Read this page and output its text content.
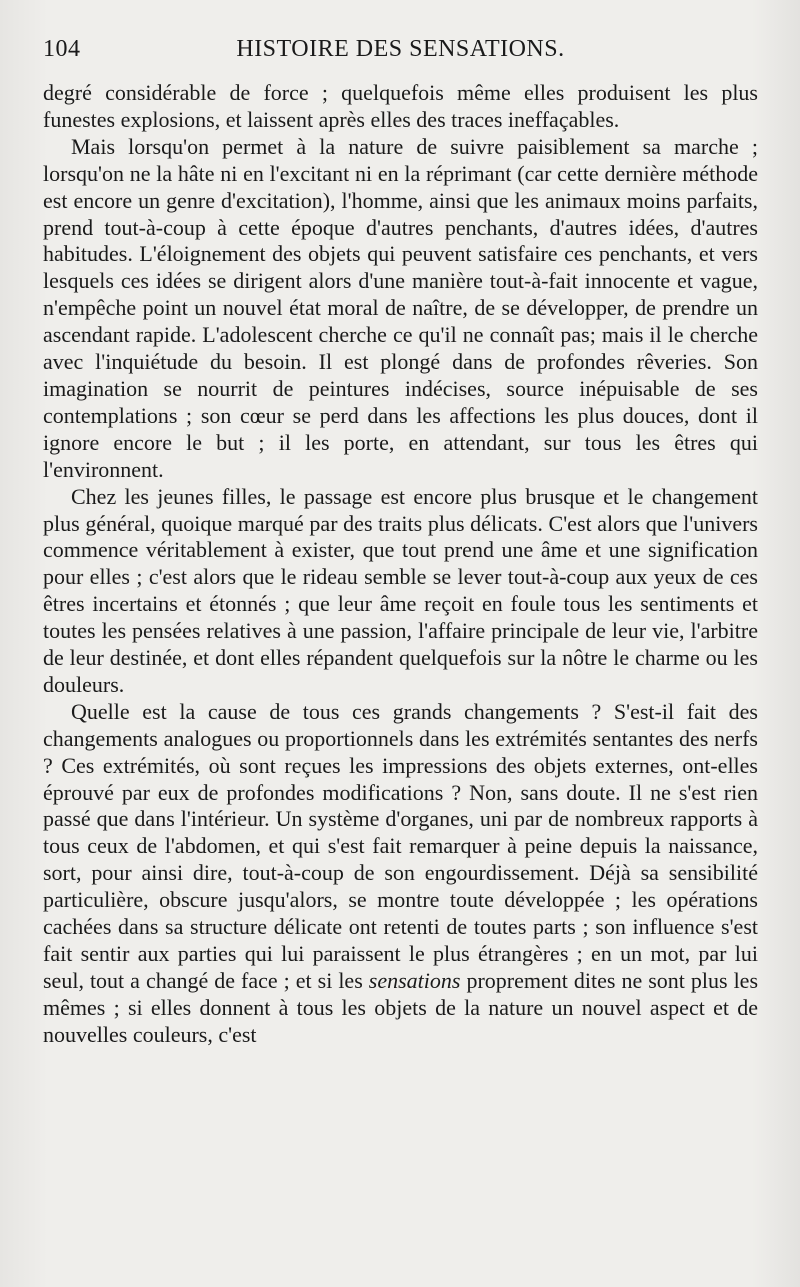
104	HISTOIRE DES SENSATIONS.

degré considérable de force ; quelquefois même elles produisent les plus funestes explosions, et laissent après elles des traces ineffaçables.

Mais lorsqu'on permet à la nature de suivre paisiblement sa marche ; lorsqu'on ne la hâte ni en l'excitant ni en la réprimant (car cette dernière méthode est encore un genre d'excitation), l'homme, ainsi que les animaux moins parfaits, prend tout-à-coup à cette époque d'autres penchants, d'autres idées, d'autres habitudes. L'éloignement des objets qui peuvent satisfaire ces penchants, et vers lesquels ces idées se dirigent alors d'une manière tout-à-fait innocente et vague, n'empêche point un nouvel état moral de naître, de se développer, de prendre un ascendant rapide. L'adolescent cherche ce qu'il ne connaît pas; mais il le cherche avec l'inquiétude du besoin. Il est plongé dans de profondes rêveries. Son imagination se nourrit de peintures indécises, source inépuisable de ses contemplations ; son cœur se perd dans les affections les plus douces, dont il ignore encore le but ; il les porte, en attendant, sur tous les êtres qui l'environnent.

Chez les jeunes filles, le passage est encore plus brusque et le changement plus général, quoique marqué par des traits plus délicats. C'est alors que l'univers commence véritablement à exister, que tout prend une âme et une signification pour elles ; c'est alors que le rideau semble se lever tout-à-coup aux yeux de ces êtres incertains et étonnés ; que leur âme reçoit en foule tous les sentiments et toutes les pensées relatives à une passion, l'affaire principale de leur vie, l'arbitre de leur destinée, et dont elles répandent quelquefois sur la nôtre le charme ou les douleurs.

Quelle est la cause de tous ces grands changements ? S'est-il fait des changements analogues ou proportionnels dans les extrémités sentantes des nerfs ? Ces extrémités, où sont reçues les impressions des objets externes, ont-elles éprouvé par eux de profondes modifications ? Non, sans doute. Il ne s'est rien passé que dans l'intérieur. Un système d'organes, uni par de nombreux rapports à tous ceux de l'abdomen, et qui s'est fait remarquer à peine depuis la naissance, sort, pour ainsi dire, tout-à-coup de son engourdissement. Déjà sa sensibilité particulière, obscure jusqu'alors, se montre toute développée ; les opérations cachées dans sa structure délicate ont retenti de toutes parts ; son influence s'est fait sentir aux parties qui lui paraissent le plus étrangères ; en un mot, par lui seul, tout a changé de face ; et si les sensations proprement dites ne sont plus les mêmes ; si elles donnent à tous les objets de la nature un nouvel aspect et de nouvelles couleurs, c'est
